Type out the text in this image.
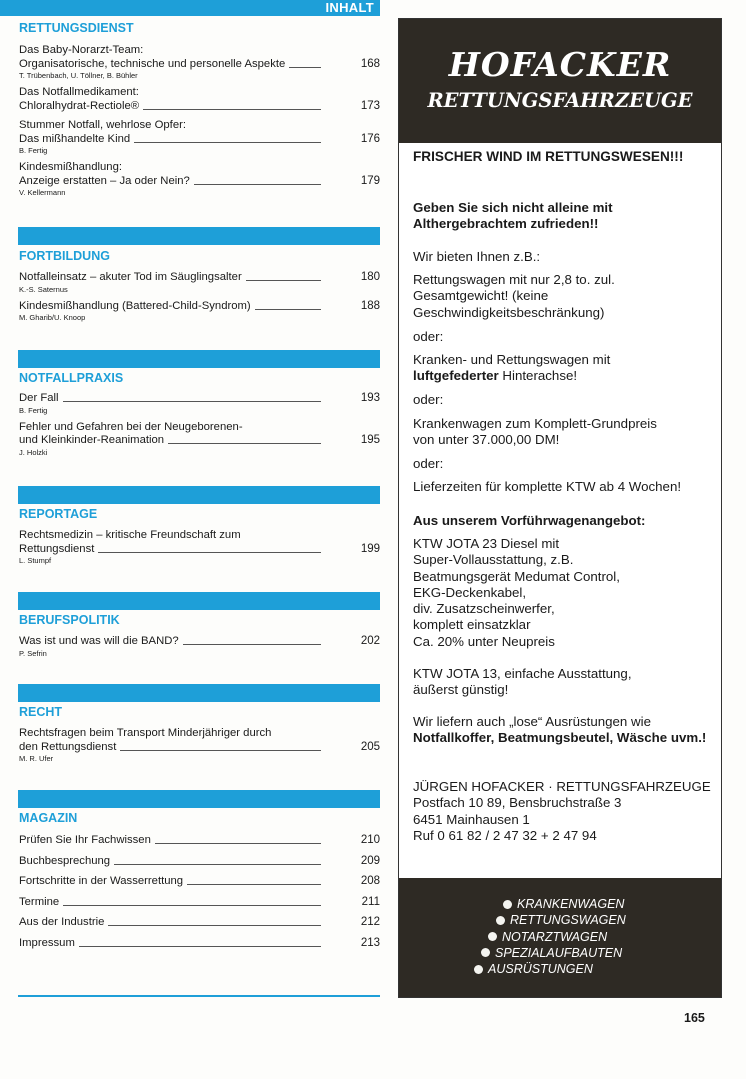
INHALT
RETTUNGSDIENST
Das Baby-Norarzt-Team:
Organisatorische, technische und personelle Aspekte	168
T. Trübenbach, U. Töllner, B. Bühler
Das Notfallmedikament:
Chloralhydrat-Rectiole®	173
Stummer Notfall, wehrlose Opfer:
Das mißhandelte Kind	176
B. Fertig
Kindesmißhandlung:
Anzeige erstatten – Ja oder Nein?	179
V. Kellermann
FORTBILDUNG
Notfalleinsatz – akuter Tod im Säuglingsalter	180
K.-S. Saternus
Kindesmißhandlung (Battered-Child-Syndrom)	188
M. Gharib/U. Knoop
NOTFALLPRAXIS
Der Fall	193
B. Fertig
Fehler und Gefahren bei der Neugeborenen-
und Kleinkinder-Reanimation	195
J. Holzki
REPORTAGE
Rechtsmedizin – kritische Freundschaft zum
Rettungsdienst	199
L. Stumpf
BERUFSPOLITIK
Was ist und was will die BAND?	202
P. Sefrin
RECHT
Rechtsfragen beim Transport Minderjähriger durch
den Rettungsdienst	205
M. R. Ufer
MAGAZIN
Prüfen Sie Ihr Fachwissen	210
Buchbesprechung	209
Fortschritte in der Wasserrettung	208
Termine	211
Aus der Industrie	212
Impressum	213
HOFACKER
RETTUNGSFAHRZEUGE
FRISCHER WIND IM RETTUNGSWESEN!!!
Geben Sie sich nicht alleine mit Althergebrachtem zufrieden!!
Wir bieten Ihnen z.B.:
Rettungswagen mit nur 2,8 to. zul. Gesamtgewicht! (keine Geschwindigkeitsbeschränkung)
oder:
Kranken- und Rettungswagen mit
luftgefederter Hinterachse!
oder:
Krankenwagen zum Komplett-Grundpreis von unter 37.000,00 DM!
oder:
Lieferzeiten für komplette KTW ab 4 Wochen!
Aus unserem Vorführwagenangebot:
KTW JOTA 23 Diesel mit
Super-Vollausstattung, z.B.
Beatmungsgerät Medumat Control,
EKG-Deckenkabel,
div. Zusatzscheinwerfer,
komplett einsatzklar
Ca. 20% unter Neupreis
KTW JOTA 13, einfache Ausstattung, äußerst günstig!
Wir liefern auch „lose“ Ausrüstungen wie
Notfallkoffer, Beatmungsbeutel, Wäsche uvm.!
JÜRGEN HOFACKER · RETTUNGSFAHRZEUGE
Postfach 10 89, Bensbruchstraße 3
6451 Mainhausen 1
Ruf 0 61 82 / 2 47 32 + 2 47 94
KRANKENWAGEN
RETTUNGSWAGEN
NOTARZTWAGEN
SPEZIALAUFBAUTEN
AUSRÜSTUNGEN
165
